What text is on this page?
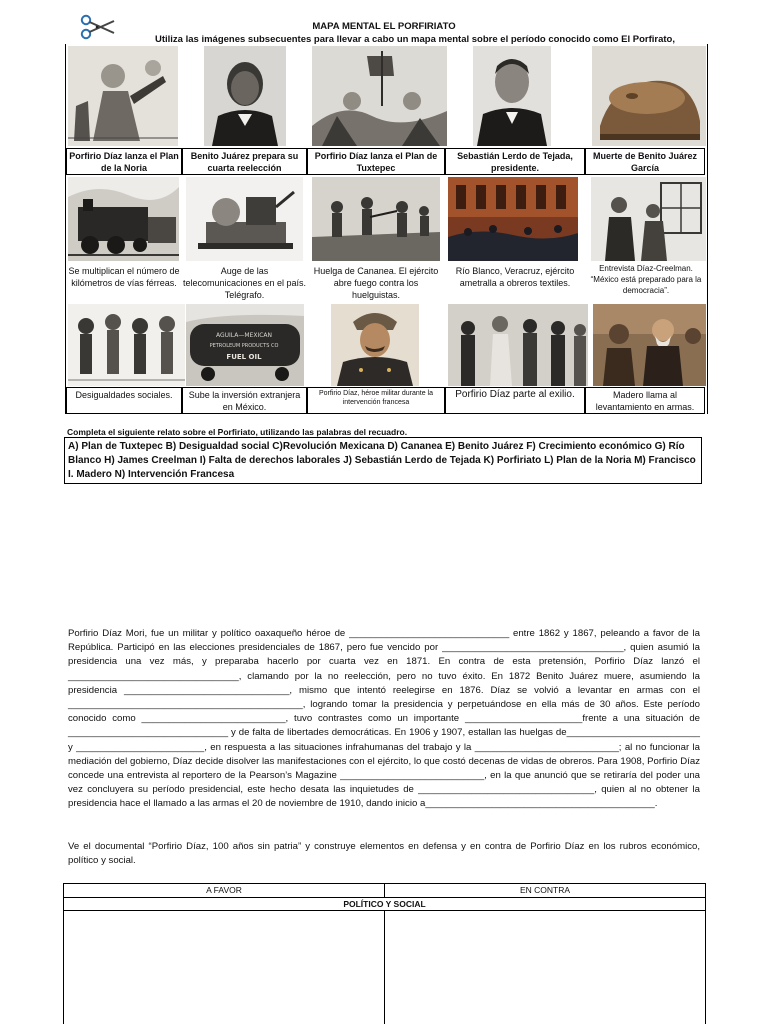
MAPA MENTAL EL PORFIRIATO
Utiliza las imágenes subsecuentes para llevar a cabo un mapa mental sobre el período conocido como El Porfirato,
Porfirio Díaz lanza el Plan de la Noria
Benito Juárez prepara su cuarta reelección
Porfirio Díaz lanza el Plan de Tuxtepec
Sebastián Lerdo de Tejada, presidente.
Muerte de Benito Juárez García
Se multiplican el número de kilómetros de vías férreas.
Auge de las telecomunicaciones en el país. Telégrafo.
Huelga de Cananea. El ejército abre fuego contra los huelguistas.
Río Blanco, Veracruz, ejército ametralla a obreros textiles.
Entrevista Díaz-Creelman. “México está preparado para la democracia”.
AGUILA—MEXICAN
PETROLEUM PRODUCTS CO
FUEL OIL
Desigualdades sociales.	Sube la inversión extranjera en México.
Porfirio Díaz, héroe militar durante la intervención francesa
Porfirio Díaz parte al exilio.	Madero llama al levantamiento en armas.
Completa el siguiente relato sobre el Porfiriato, utilizando las palabras del recuadro.
A) Plan de Tuxtepec B) Desigualdad social C)Revolución Mexicana D) Cananea E) Benito Juárez F) Crecimiento económico G) Río Blanco H) James Creelman I) Falta de derechos laborales J) Sebastián Lerdo de Tejada K) Porfiriato L) Plan de la Noria M) Francisco I. Madero N) Intervención Francesa
Porfirio Díaz Mori, fue un militar y político oaxaqueño héroe de ______________________________ entre 1862 y 1867, peleando a favor de la República. Participó en las elecciones presidenciales de 1867, pero fue vencido por __________________________________, quien asumió la presidencia una vez más, y preparaba hacerlo por cuarta vez en 1871. En contra de esta pretensión, Porfirio Díaz lanzó el ________________________________, clamando por la no reelección, pero no tuvo éxito. En 1872 Benito Juárez muere, asumiendo la presidencia _______________________________, mismo que intentó reelegirse en 1876. Díaz se volvió a levantar en armas con el ____________________________________________, logrando tomar la presidencia y perpetuándose en ella más de 30 años. Este período conocido como ___________________________, tuvo contrastes como un importante ______________________frente a una situación de ______________________________ y de falta de libertades democráticas. En 1906 y 1907, estallan las huelgas de_________________________ y ________________________, en respuesta a las situaciones infrahumanas del trabajo y la ___________________________; al no funcionar la mediación del gobierno, Díaz decide disolver las manifestaciones con el ejército, lo que costó decenas de vidas de obreros. Para 1908, Porfirio Díaz concede una entrevista al reportero de la Pearson’s Magazine ___________________________, en la que anunció que se retiraría del poder una vez concluyera su período presidencial, este hecho desata las inquietudes de _________________________________, quien al no obtener la presidencia hace el llamado a las armas el 20 de noviembre de 1910, dando inicio a___________________________________________.
Ve el documental “Porfirio Díaz, 100 años sin patria” y construye elementos en defensa y en contra de Porfirio Díaz en los rubros económico, político y social.
A FAVOR	EN CONTRA
POLÍTICO Y SOCIAL
